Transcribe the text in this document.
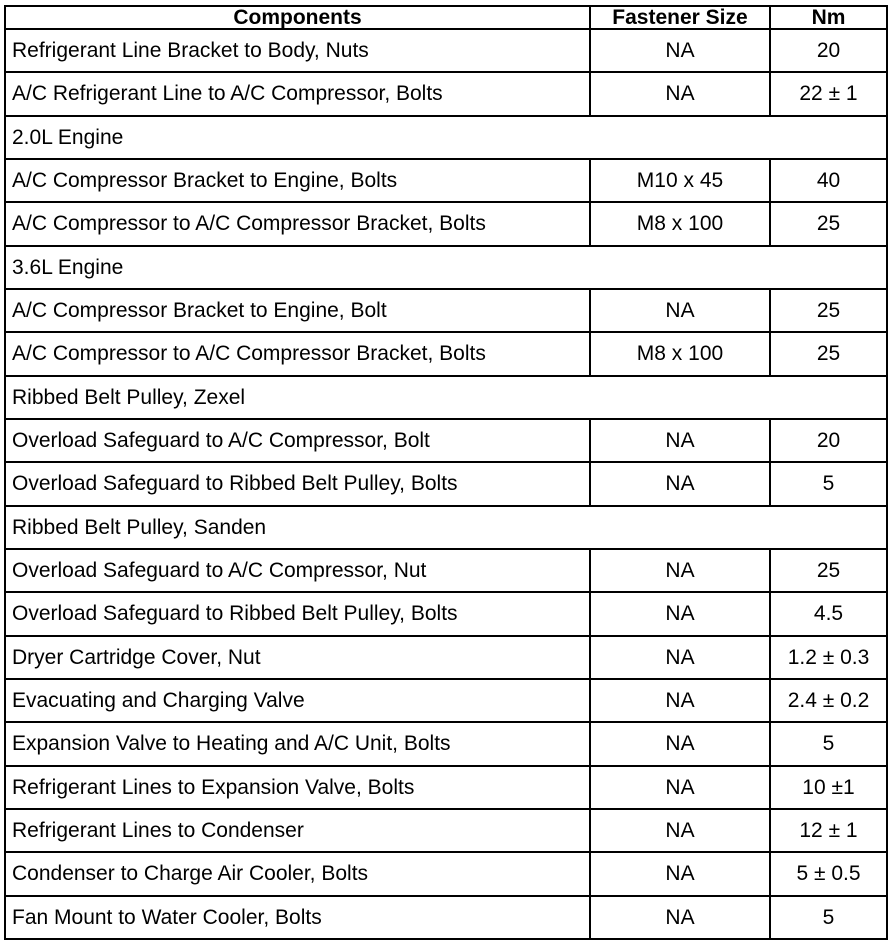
Components	Fastener Size	Nm
Refrigerant Line Bracket to Body, Nuts	NA	20
A/C Refrigerant Line to A/C Compressor, Bolts	NA	22 ± 1
2.0L Engine		
A/C Compressor Bracket to Engine, Bolts	M10 x 45	40
A/C Compressor to A/C Compressor Bracket, Bolts	M8 x 100	25
3.6L Engine		
A/C Compressor Bracket to Engine, Bolt	NA	25
A/C Compressor to A/C Compressor Bracket, Bolts	M8 x 100	25
Ribbed Belt Pulley, Zexel		
Overload Safeguard to A/C Compressor, Bolt	NA	20
Overload Safeguard to Ribbed Belt Pulley, Bolts	NA	5
Ribbed Belt Pulley, Sanden		
Overload Safeguard to A/C Compressor, Nut	NA	25
Overload Safeguard to Ribbed Belt Pulley, Bolts	NA	4.5
Dryer Cartridge Cover, Nut	NA	1.2 ± 0.3
Evacuating and Charging Valve	NA	2.4 ± 0.2
Expansion Valve to Heating and A/C Unit, Bolts	NA	5
Refrigerant Lines to Expansion Valve, Bolts	NA	10 ±1
Refrigerant Lines to Condenser	NA	12 ± 1
Condenser to Charge Air Cooler, Bolts	NA	5 ± 0.5
Fan Mount to Water Cooler, Bolts	NA	5
